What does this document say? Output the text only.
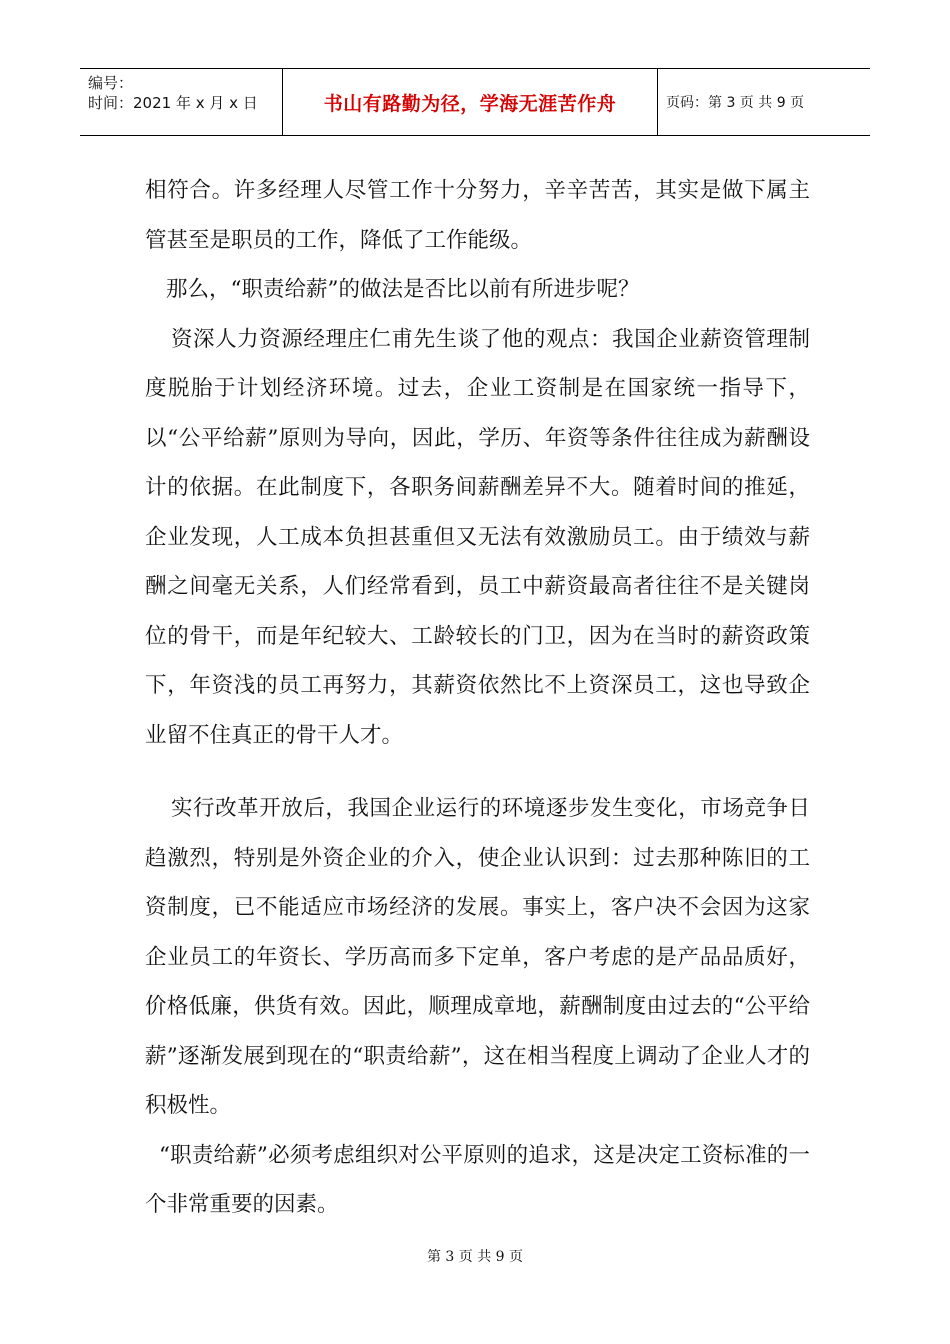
编号：
时间：2021 年 x 月 x 日	书山有路勤为径，学海无涯苦作舟	页码：第 3 页 共 9 页

相符合。许多经理人尽管工作十分努力，辛辛苦苦，其实是做下属主管甚至是职员的工作，降低了工作能级。

那么，“职责给薪”的做法是否比以前有所进步呢？

资深人力资源经理庄仁甫先生谈了他的观点：我国企业薪资管理制度脱胎于计划经济环境。过去，企业工资制是在国家统一指导下，以“公平给薪”原则为导向，因此，学历、年资等条件往往成为薪酬设计的依据。在此制度下，各职务间薪酬差异不大。随着时间的推延，企业发现，人工成本负担甚重但又无法有效激励员工。由于绩效与薪酬之间毫无关系，人们经常看到，员工中薪资最高者往往不是关键岗位的骨干，而是年纪较大、工龄较长的门卫，因为在当时的薪资政策下，年资浅的员工再努力，其薪资依然比不上资深员工，这也导致企业留不住真正的骨干人才。

实行改革开放后，我国企业运行的环境逐步发生变化，市场竞争日趋激烈，特别是外资企业的介入，使企业认识到：过去那种陈旧的工资制度，已不能适应市场经济的发展。事实上，客户决不会因为这家企业员工的年资长、学历高而多下定单，客户考虑的是产品品质好，价格低廉，供货有效。因此，顺理成章地，薪酬制度由过去的“公平给薪”逐渐发展到现在的“职责给薪”，这在相当程度上调动了企业人才的积极性。

“职责给薪”必须考虑组织对公平原则的追求，这是决定工资标准的一个非常重要的因素。

第 3 页 共 9 页
